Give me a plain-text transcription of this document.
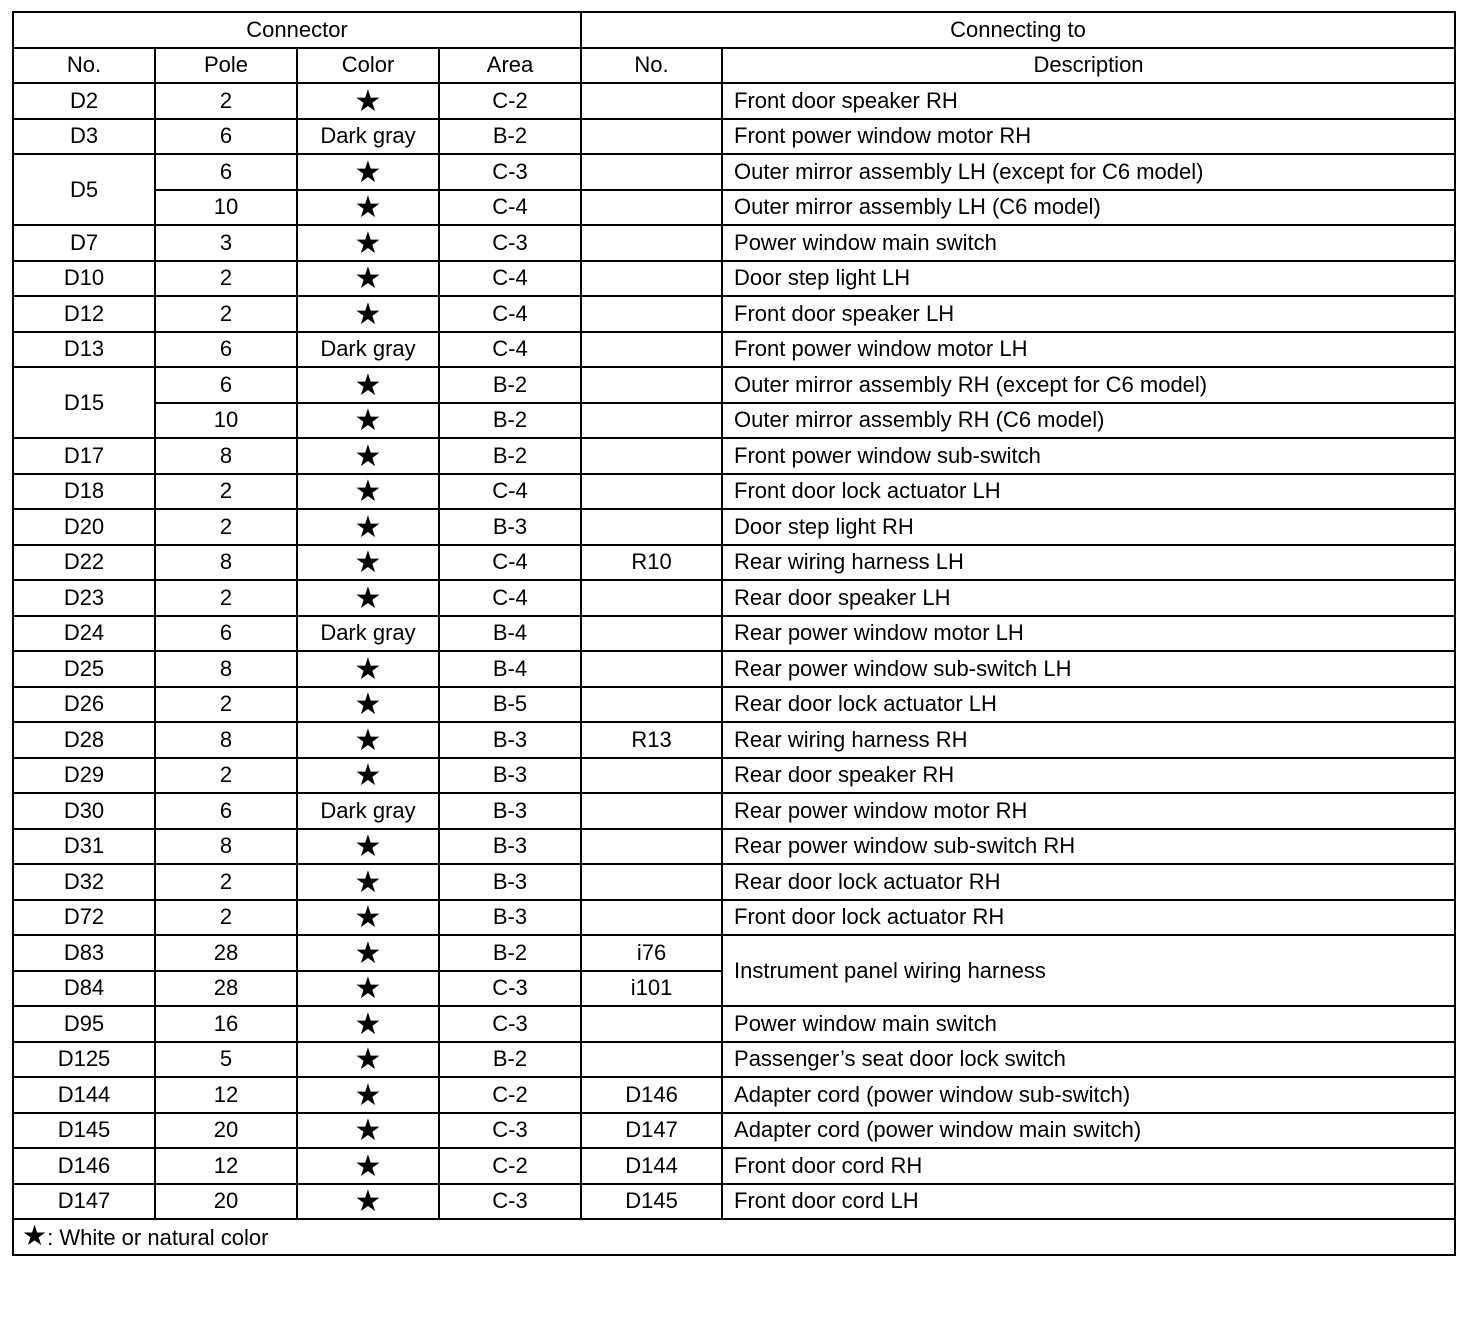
Connector				Connecting to	
No.	Pole	Color	Area	No.	Description
D2	2	★	C-2		Front door speaker RH
D3	6	Dark gray	B-2		Front power window motor RH
D5	6	★	C-3		Outer mirror assembly LH (except for C6 model)
	10	★	C-4		Outer mirror assembly LH (C6 model)
D7	3	★	C-3		Power window main switch
D10	2	★	C-4		Door step light LH
D12	2	★	C-4		Front door speaker LH
D13	6	Dark gray	C-4		Front power window motor LH
D15	6	★	B-2		Outer mirror assembly RH (except for C6 model)
	10	★	B-2		Outer mirror assembly RH (C6 model)
D17	8	★	B-2		Front power window sub-switch
D18	2	★	C-4		Front door lock actuator LH
D20	2	★	B-3		Door step light RH
D22	8	★	C-4	R10	Rear wiring harness LH
D23	2	★	C-4		Rear door speaker LH
D24	6	Dark gray	B-4		Rear power window motor LH
D25	8	★	B-4		Rear power window sub-switch LH
D26	2	★	B-5		Rear door lock actuator LH
D28	8	★	B-3	R13	Rear wiring harness RH
D29	2	★	B-3		Rear door speaker RH
D30	6	Dark gray	B-3		Rear power window motor RH
D31	8	★	B-3		Rear power window sub-switch RH
D32	2	★	B-3		Rear door lock actuator RH
D72	2	★	B-3		Front door lock actuator RH
D83	28	★	B-2	i76	Instrument panel wiring harness
D84	28	★	C-3	i101	
D95	16	★	C-3		Power window main switch
D125	5	★	B-2		Passenger’s seat door lock switch
D144	12	★	C-2	D146	Adapter cord (power window sub-switch)
D145	20	★	C-3	D147	Adapter cord (power window main switch)
D146	12	★	C-2	D144	Front door cord RH
D147	20	★	C-3	D145	Front door cord LH
★: White or natural color					
